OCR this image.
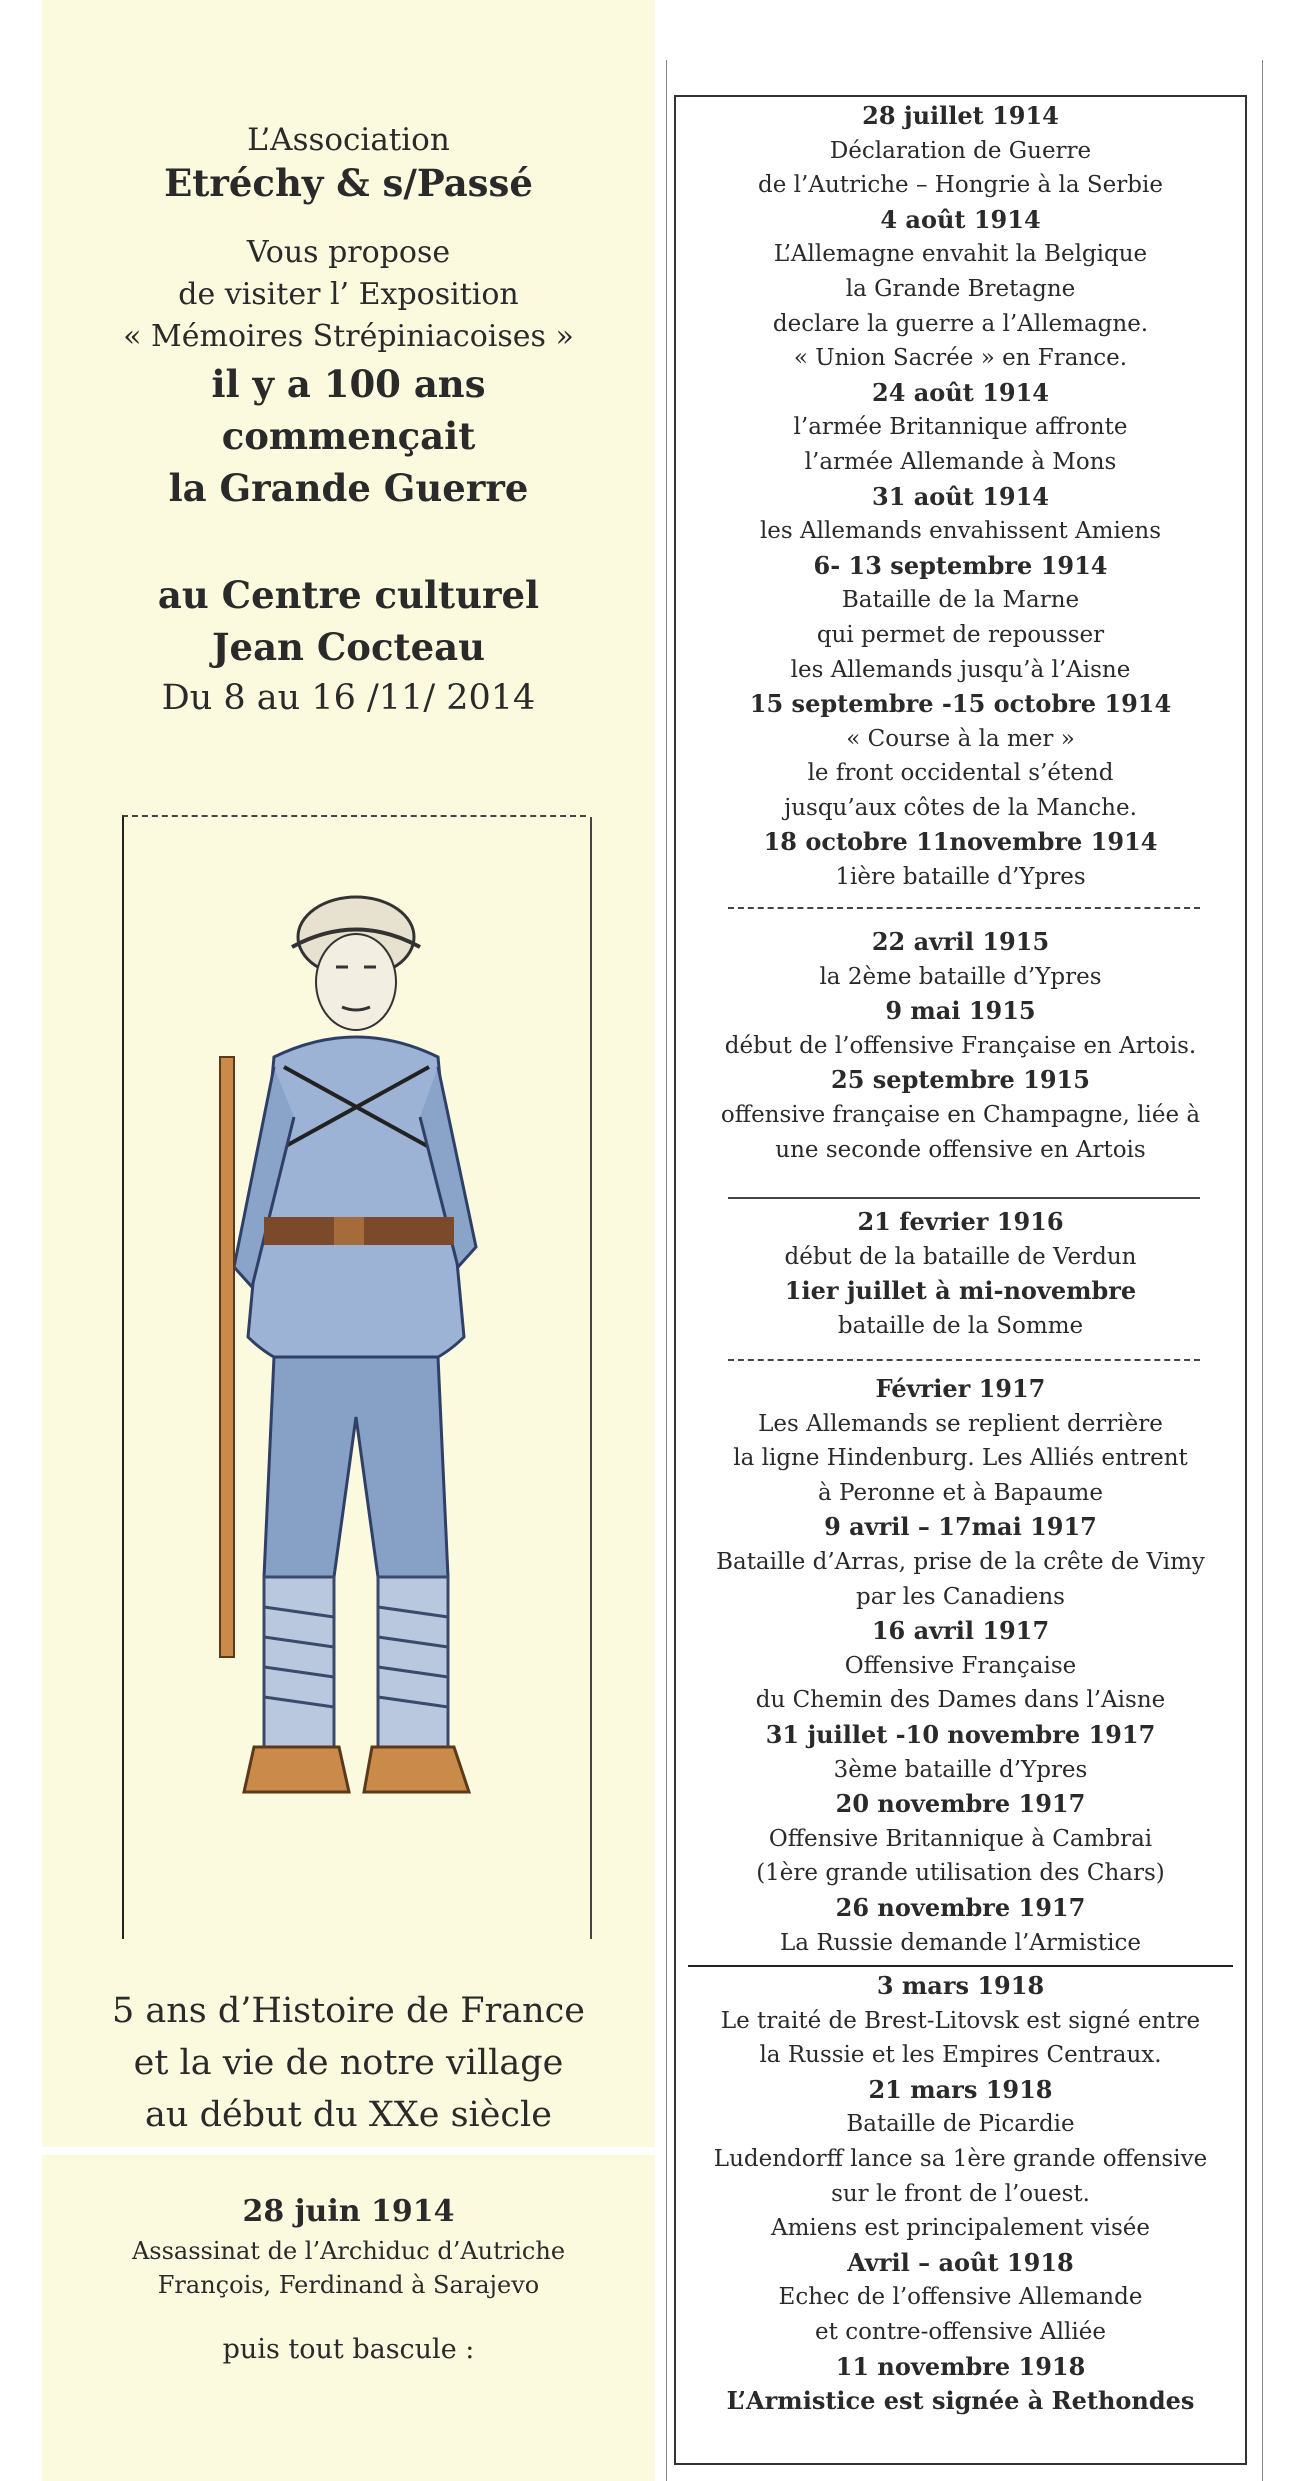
L’Association
Etréchy & s/Passé
Vous propose
de visiter l’ Exposition
« Mémoires Strépiniacoises »
il y a 100 ans
commençait
la Grande Guerre
au Centre culturel
Jean Cocteau
Du 8 au 16 /11/ 2014
5 ans d’Histoire de France
et la vie de notre village
au début du XXe siècle
28 juin 1914
Assassinat de l’Archiduc d’Autriche
François, Ferdinand à Sarajevo
puis tout bascule :
28 juillet 1914
Déclaration de Guerre
de l’Autriche – Hongrie à la Serbie
4 août 1914
L’Allemagne envahit la Belgique
la Grande Bretagne
declare la guerre a l’Allemagne.
« Union Sacrée » en France.
24 août 1914
l’armée Britannique affronte
l’armée Allemande à Mons
31 août 1914
les Allemands envahissent Amiens
6- 13 septembre 1914
Bataille de la Marne
qui permet de repousser
les Allemands jusqu’à l’Aisne
15 septembre -15 octobre 1914
« Course à la mer »
le front occidental s’étend
jusqu’aux côtes de la Manche.
18 octobre 11novembre 1914
1ière bataille d’Ypres
22 avril 1915
la 2ème bataille d’Ypres
9 mai 1915
début de l’offensive Française en Artois.
25 septembre 1915
offensive française en Champagne, liée à
une seconde offensive en Artois
21 fevrier 1916
début de la bataille de Verdun
1ier juillet à mi-novembre
bataille de la Somme
Février 1917
Les Allemands se replient derrière
la ligne Hindenburg. Les Alliés entrent
à Peronne et à Bapaume
9 avril – 17mai 1917
Bataille d’Arras, prise de la crête de Vimy
par les Canadiens
16 avril 1917
Offensive Française
du Chemin des Dames dans l’Aisne
31 juillet -10 novembre 1917
3ème bataille d’Ypres
20 novembre 1917
Offensive Britannique à Cambrai
(1ère grande utilisation des Chars)
26 novembre 1917
La Russie demande l’Armistice
3 mars 1918
Le traité de Brest-Litovsk est signé entre
la Russie et les Empires Centraux.
21 mars 1918
Bataille de Picardie
Ludendorff lance sa 1ère grande offensive
sur le front de l’ouest.
Amiens est principalement visée
Avril – août 1918
Echec de l’offensive Allemande
et contre-offensive Alliée
11 novembre 1918
L’Armistice est signée à Rethondes
